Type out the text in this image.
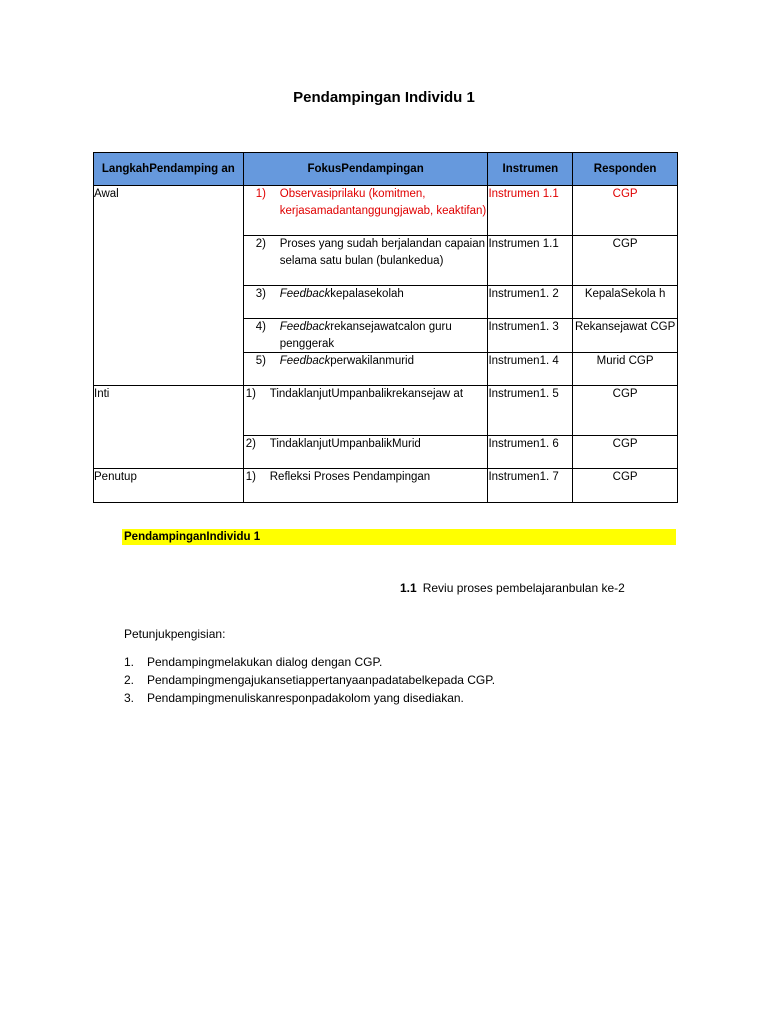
Pendampingan Individu 1
LangkahPendamping an	FokusPendampingan	Instrumen	Responden
Awal	1) Observasiprilaku (komitmen, kerjasamadantanggungjawab, keaktifan)	Instrumen 1.1	CGP

	2) Proses yang sudah berjalandan capaian selama satu bulan (bulankedua)	Instrumen 1.1	CGP

	3) Feedbackkepalasekolah	Instrumen1. 2	KepalaSekola h

	4) Feedbackrekansejawatcalon guru penggerak	Instrumen1. 3	Rekansejawat CGP

	5) Feedbackperwakilanmurid	Instrumen1. 4	Murid CGP
Inti	1) TindaklanjutUmpanbalikrekansejaw at	Instrumen1. 5	CGP

	2) TindaklanjutUmpanbalikMurid	Instrumen1. 6	CGP
Penutup	1) Refleksi Proses Pendampingan	Instrumen1. 7	CGP
PendampinganIndividu 1
1.1 Reviu proses pembelajaranbulan ke-2
Petunjukpengisian:
1.	Pendampingmelakukan dialog dengan CGP.
2.	Pendampingmengajukansetiappertanyaanpadatabelkepada CGP.
3.	Pendampingmenuliskanresponpadakolom yang disediakan.
